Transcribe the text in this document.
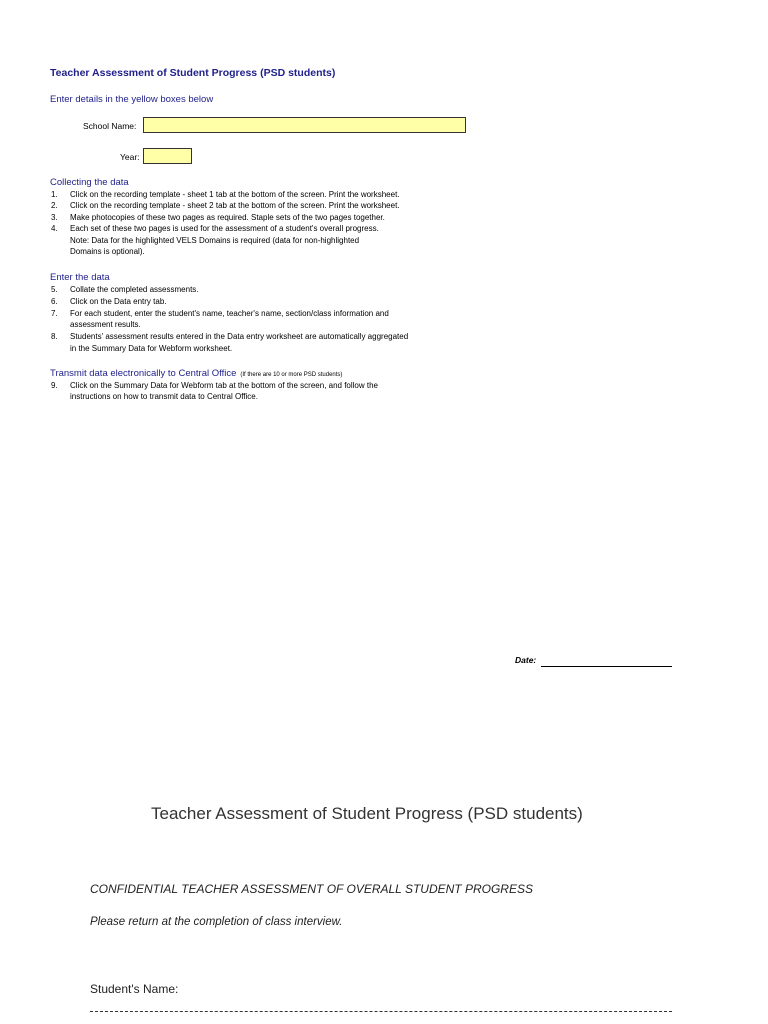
Teacher Assessment of Student Progress (PSD students)
Enter details in the yellow boxes below
School Name:
Year:
Collecting the data
1. Click on the recording template - sheet 1 tab at the bottom of the screen. Print the worksheet.
2. Click on the recording template - sheet 2 tab at the bottom of the screen. Print the worksheet.
3. Make photocopies of these two pages as required. Staple sets of the two pages together.
4. Each set of these two pages is used for the assessment of a student's overall progress.
Note: Data for the highlighted VELS Domains is required (data for non-highlighted
Domains is optional).
Enter the data
5. Collate the completed assessments.
6. Click on the Data entry tab.
7. For each student, enter the student's name, teacher's name, section/class information and
assessment results.
8. Students' assessment results entered in the Data entry worksheet are automatically aggregated
in the Summary Data for Webform worksheet.
Transmit data electronically to Central Office (If there are 10 or more PSD students)
9. Click on the Summary Data for Webform tab at the bottom of the screen, and follow the
instructions on how to transmit data to Central Office.
Date:
Teacher Assessment of Student Progress (PSD students)
CONFIDENTIAL TEACHER ASSESSMENT OF OVERALL STUDENT PROGRESS
Please return at the completion of class interview.
Student's Name:
